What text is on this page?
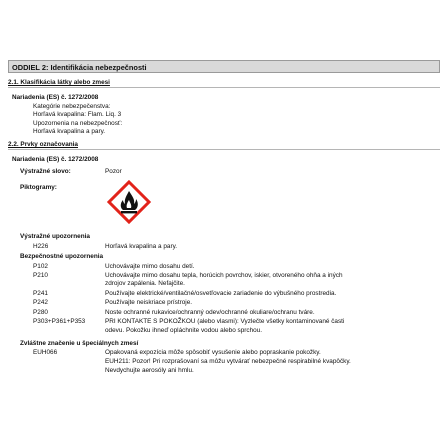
ODDIEL 2: Identifikácia nebezpečnosti
2.1. Klasifikácia látky alebo zmesi
Nariadenia (ES) č. 1272/2008
Kategórie nebezpečenstva:
Horľavá kvapalina: Flam. Liq. 3
Upozornenia na nebezpečnosť:
Horľavá kvapalina a pary.
2.2. Prvky označovania
Nariadenia (ES) č. 1272/2008
Výstražné slovo:	Pozor
Piktogramy:
Výstražné upozornenia
H226	Horľavá kvapalina a pary.
Bezpečnostné upozornenia
P102	Uchovávajte mimo dosahu detí.
P210	Uchovávajte mimo dosahu tepla, horúcich povrchov, iskier, otvoreného ohňa a iných
zdrojov zapálenia. Nefajčite.
P241	Používajte elektrické/ventilačné/osvetľovacie zariadenie do výbušného prostredia.
P242	Používajte neiskriace prístroje.
P280	Noste ochranné rukavice/ochranný odev/ochranné okuliare/ochranu tváre.
P303+P361+P353	PRI KONTAKTE S POKOŽKOU (alebo vlasmi): Vyzlečte všetky kontaminované časti
odevu. Pokožku ihneď opláchnite vodou alebo sprchou.
Zvláštne značenie u špeciálnych zmesí
EUH066	Opakovaná expozícia môže spôsobiť vysušenie alebo popraskanie pokožky.
EUH211: Pozor! Pri rozprašovaní sa môžu vytvárať nebezpečné respirabilné kvapôčky.
Nevdychujte aerosóly ani hmlu.
